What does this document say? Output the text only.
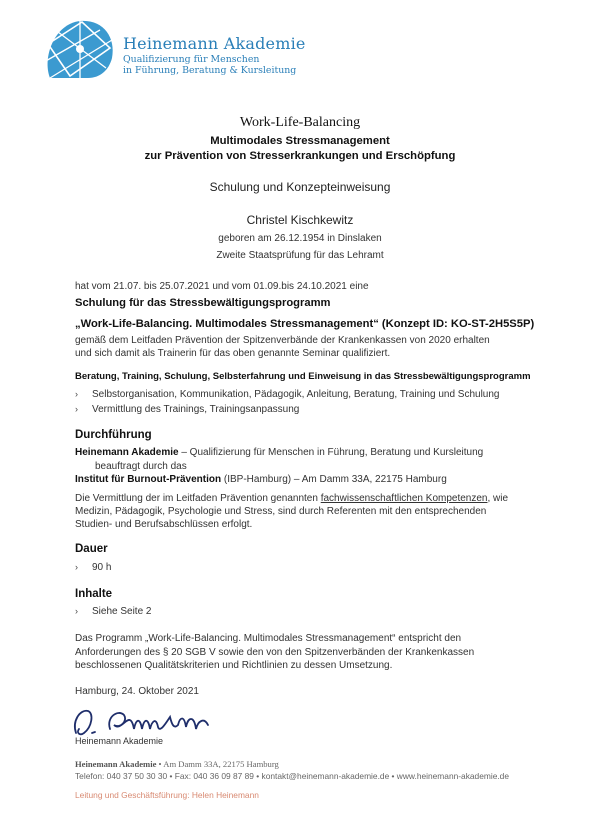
Heinemann Akademie
Qualifizierung für Menschen
in Führung, Beratung & Kursleitung
Work-Life-Balancing
Multimodales Stressmanagement
zur Prävention von Stresserkrankungen und Erschöpfung
Schulung und Konzepteinweisung
Christel Kischkewitz
geboren am 26.12.1954 in Dinslaken
Zweite Staatsprüfung für das Lehramt
hat vom 21.07. bis 25.07.2021 und vom 01.09.bis 24.10.2021 eine
Schulung für das Stressbewältigungsprogramm
„Work-Life-Balancing. Multimodales Stressmanagement“ (Konzept ID: KO-ST-2H5S5P)
gemäß dem Leitfaden Prävention der Spitzenverbände der Krankenkassen von 2020 erhalten
und sich damit als Trainerin für das oben genannte Seminar qualifiziert.
Beratung, Training, Schulung, Selbsterfahrung und Einweisung in das Stressbewältigungsprogramm
› Selbstorganisation, Kommunikation, Pädagogik, Anleitung, Beratung, Training und Schulung
› Vermittlung des Trainings, Trainingsanpassung
Durchführung
Heinemann Akademie – Qualifizierung für Menschen in Führung, Beratung und Kursleitung
beauftragt durch das
Institut für Burnout-Prävention (IBP-Hamburg) – Am Damm 33A, 22175 Hamburg
Die Vermittlung der im Leitfaden Prävention genannten fachwissenschaftlichen Kompetenzen, wie
Medizin, Pädagogik, Psychologie und Stress, sind durch Referenten mit den entsprechenden
Studien- und Berufsabschlüssen erfolgt.
Dauer
› 90 h
Inhalte
› Siehe Seite 2
Das Programm „Work-Life-Balancing. Multimodales Stressmanagement“ entspricht den
Anforderungen des § 20 SGB V sowie den von den Spitzenverbänden der Krankenkassen
beschlossenen Qualitätskriterien und Richtlinien zu dessen Umsetzung.
Hamburg, 24. Oktober 2021
Heinemann Akademie
Heinemann Akademie • Am Damm 33A, 22175 Hamburg
Telefon: 040 37 50 30 30 • Fax: 040 36 09 87 89 • kontakt@heinemann-akademie.de • www.heinemann-akademie.de
Leitung und Geschäftsführung: Helen Heinemann
